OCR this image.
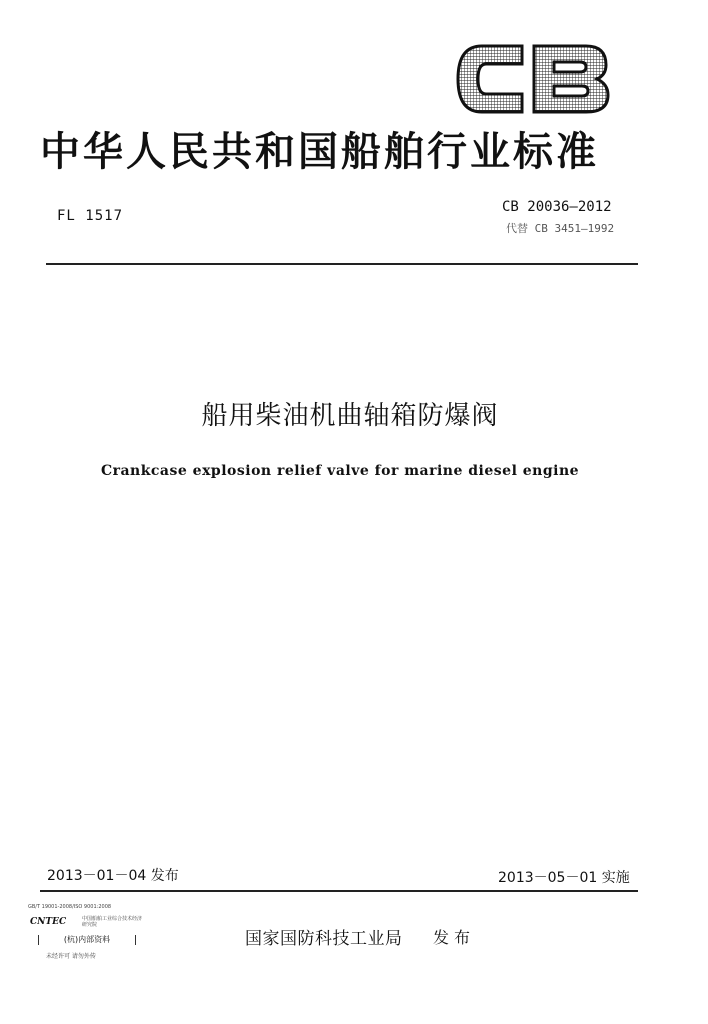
中华人民共和国船舶行业标准
FL 1517
CB 20036—2012
代替 CB 3451—1992
船用柴油机曲轴箱防爆阀
Crankcase explosion relief valve for marine diesel engine
2013－01－04 发布	2013－05－01 实施
GB/T 19001-2008/ISO 9001:2008
CNTEC	中国船舶工业综合技术经济研究院
(杭)内部资料
未经许可 请勿外传
国家国防科技工业局 发布
